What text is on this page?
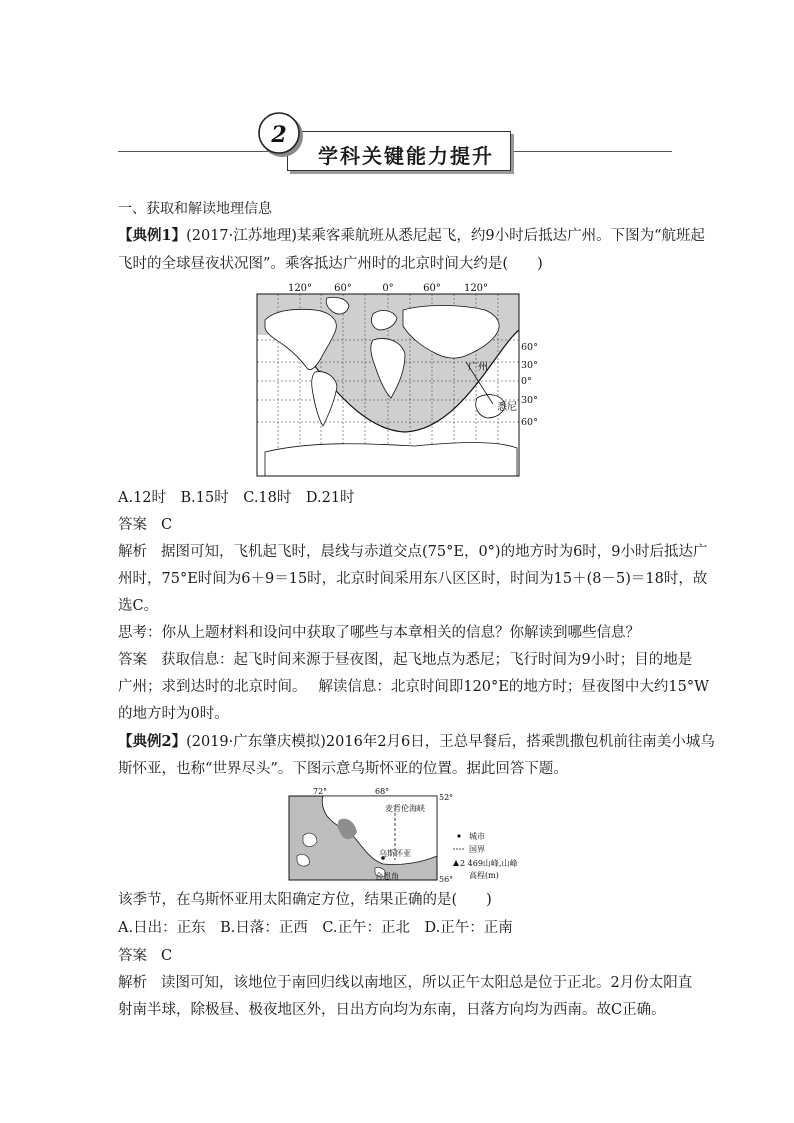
学科关键能力提升
2
一、获取和解读地理信息
【典例1】(2017·江苏地理)某乘客乘航班从悉尼起飞，约9小时后抵达广州。下图为“航班起
飞时的全球昼夜状况图”。乘客抵达广州时的北京时间大约是(　　)
120° 60°	0°	60° 120°
60°
30°
0°
30°
60°
广州
悉尼
A.12时　B.15时　C.18时　D.21时
答案 C
解析 据图可知，飞机起飞时，晨线与赤道交点(75°E，0°)的地方时为6时，9小时后抵达广
州时，75°E时间为6＋9＝15时，北京时间采用东八区区时，时间为15＋(8－5)＝18时，故
选C。
思考：你从上题材料和设问中获取了哪些与本章相关的信息？你解读到哪些信息？
答案 获取信息：起飞时间来源于昼夜图，起飞地点为悉尼；飞行时间为9小时；目的地是
广州；求到达时的北京时间。　 解读信息：北京时间即120°E的地方时；昼夜图中大约15°W
的地方时为0时。
【典例2】(2019·广东肇庆模拟)2016年2月6日，王总早餐后，搭乘凯撒包机前往南美小城乌
斯怀亚，也称“世界尽头”。下图示意乌斯怀亚的位置。据此回答下题。
72°	68°
52°
56°
麦哲伦海峡
乌斯怀亚
合恩角
城市
国界
2 469山峰,山峰
高程(m)
该季节，在乌斯怀亚用太阳确定方位，结果正确的是(　　)
A.日出：正东　B.日落：正西　C.正午：正北　D.正午：正南
答案 C
解析 读图可知，该地位于南回归线以南地区，所以正午太阳总是位于正北。2月份太阳直
射南半球，除极昼、极夜地区外，日出方向均为东南，日落方向均为西南。故C正确。
